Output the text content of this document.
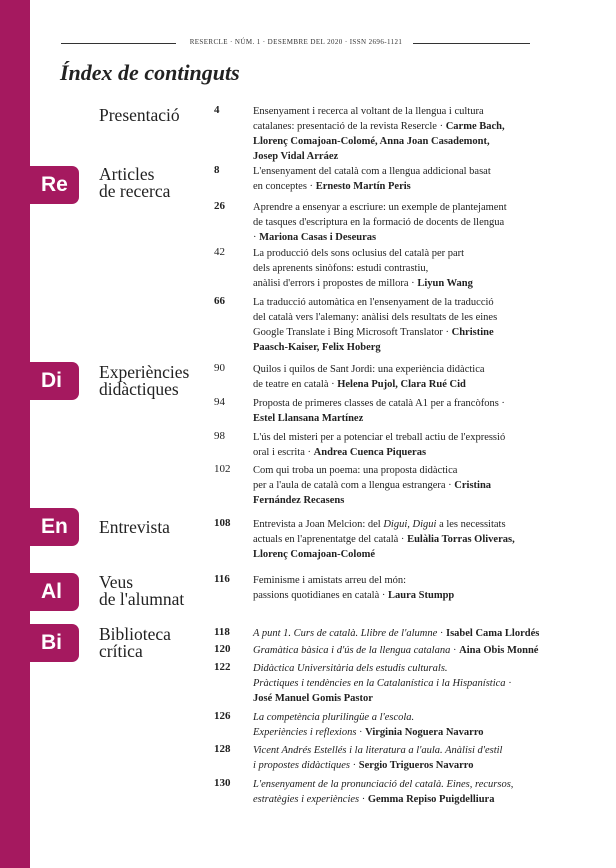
Re
Di
En
Al
Bi
RESERCLE · NÚM. 1 · DESEMBRE DEL 2020 · ISSN 2696-1121
Índex de continguts
Presentació
Articles
de recerca
Experiències
didàctiques
Entrevista
Veus
de l'alumnat
Biblioteca
crítica
4	Ensenyament i recerca al voltant de la llengua i cultura
catalanes: presentació de la revista Reserclе · Carme Bach,
Llorenç Comajoan-Colomé, Anna Joan Casademont,
Josep Vidal Arráez
8	L'ensenyament del català com a llengua addicional basat
en conceptes · Ernesto Martín Peris
26	Aprendre a ensenyar a escriure: un exemple de plantejament
de tasques d'escriptura en la formació de docents de llengua
· Mariona Casas i Deseuras
42	La producció dels sons oclusius del català per part
dels aprenents sinòfons: estudi contrastiu,
anàlisi d'errors i propostes de millora · Liyun Wang
66	La traducció automàtica en l'ensenyament de la traducció
del català vers l'alemany: anàlisi dels resultats de les eines
Google Translate i Bing Microsoft Translator · Christine
Paasch-Kaiser, Felix Hoberg
90	Quilos i quilos de Sant Jordi: una experiència didàctica
de teatre en català · Helena Pujol, Clara Rué Cid
94	Proposta de primeres classes de català A1 per a francòfons ·
Estel Llansana Martínez
98	L'ús del misteri per a potenciar el treball actiu de l'expressió
oral i escrita · Andrea Cuenca Piqueras
102 Com qui troba un poema: una proposta didàctica
per a l'aula de català com a llengua estrangera · Cristina
Fernández Recasens
108 Entrevista a Joan Melcion: del Digui, Digui a les necessitats
actuals en l'aprenentatge del català · Eulàlia Torras Oliveras,
Llorenç Comajoan-Colomé
116 Feminisme i amistats arreu del món:
passions quotidianes en català · Laura Stumpp
118 A punt 1. Curs de català. Llibre de l'alumne · Isabel Cama Llordés
120 Gramàtica bàsica i d'ús de la llengua catalana · Aina Obis Monné
122 Didàctica Universitària dels estudis culturals.
Pràctiques i tendències en la Catalanística i la Hispanística ·
José Manuel Gomis Pastor
126 La competència plurilingüe a l'escola.
Experiències i reflexions · Virginia Noguera Navarro
128 Vicent Andrés Estellés i la literatura a l'aula. Anàlisi d'estil
i propostes didàctiques · Sergio Trigueros Navarro
130 L'ensenyament de la pronunciació del català. Eines, recursos,
estratègies i experiències · Gemma Repiso Puigdelliura
